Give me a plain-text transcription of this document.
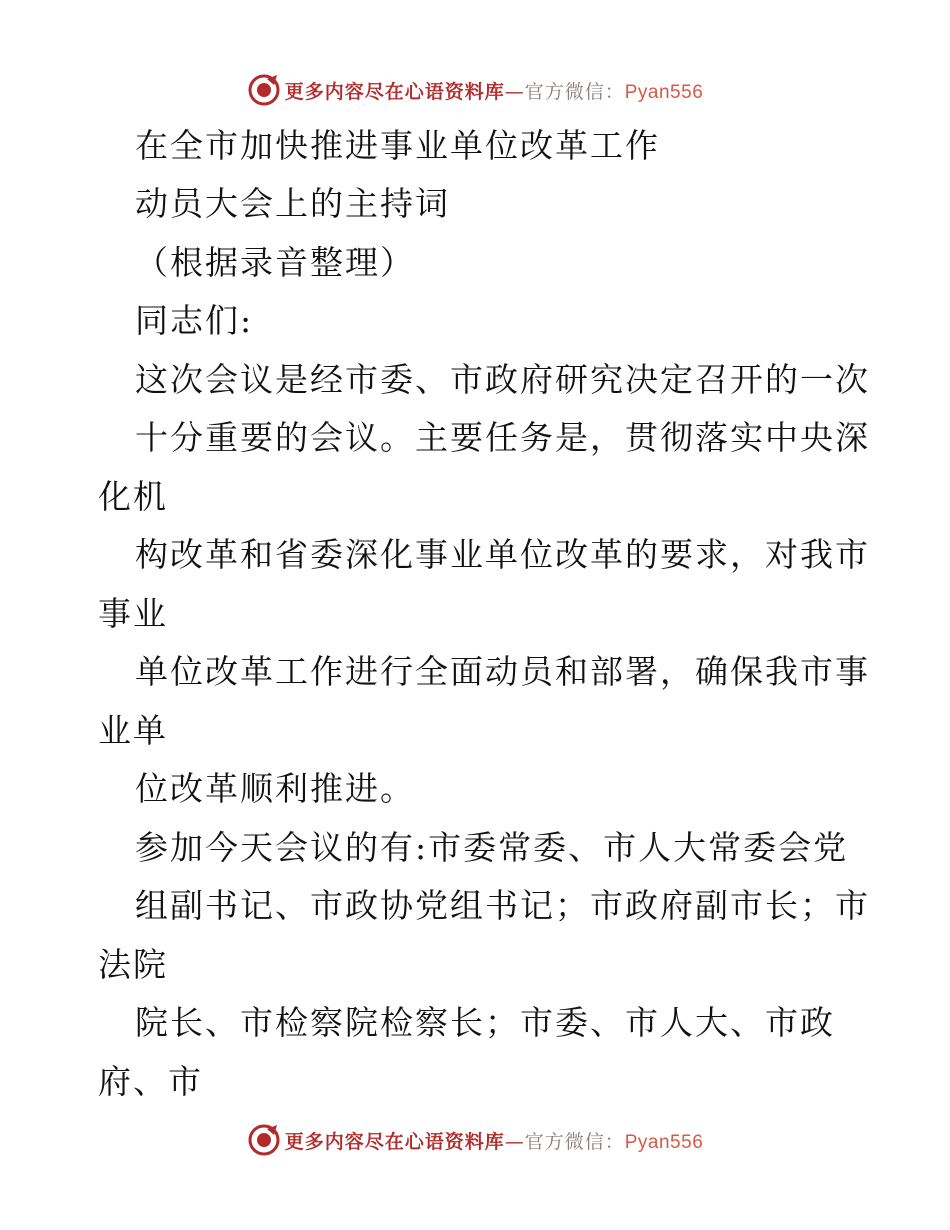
更多内容尽在心语资料库—官方微信：Pyan556
在全市加快推进事业单位改革工作
动员大会上的主持词
（根据录音整理）
同志们:
这次会议是经市委、市政府研究决定召开的一次
十分重要的会议。主要任务是，贯彻落实中央深
化机
构改革和省委深化事业单位改革的要求，对我市
事业
单位改革工作进行全面动员和部署，确保我市事
业单
位改革顺利推进。
参加今天会议的有:市委常委、市人大常委会党
组副书记、市政协党组书记；市政府副市长；市
法院
院长、市检察院检察长；市委、市人大、市政
府、市
更多内容尽在心语资料库—官方微信：Pyan556
